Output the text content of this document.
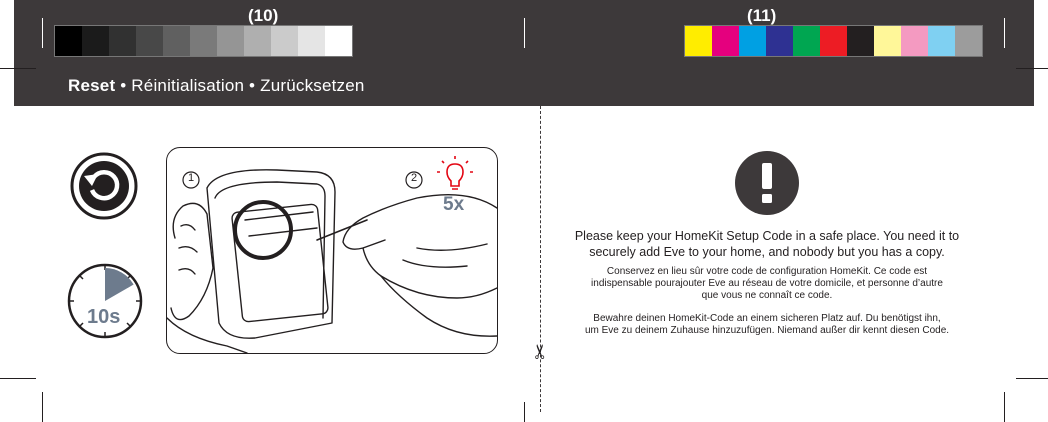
(10)	(11)
Reset • Réinitialisation • Zurücksetzen
✂
10s
1	2
5x
Please keep your HomeKit Setup Code in a safe place. You need it to
securely add Eve to your home, and nobody but you has a copy.
Conservez en lieu sûr votre code de configuration HomeKit. Ce code est
indispensable pourajouter Eve au réseau de votre domicile, et personne d’autre
que vous ne connaît ce code.
Bewahre deinen HomeKit-Code an einem sicheren Platz auf. Du benötigst ihn,
um Eve zu deinem Zuhause hinzuzufügen. Niemand außer dir kennt diesen Code.
